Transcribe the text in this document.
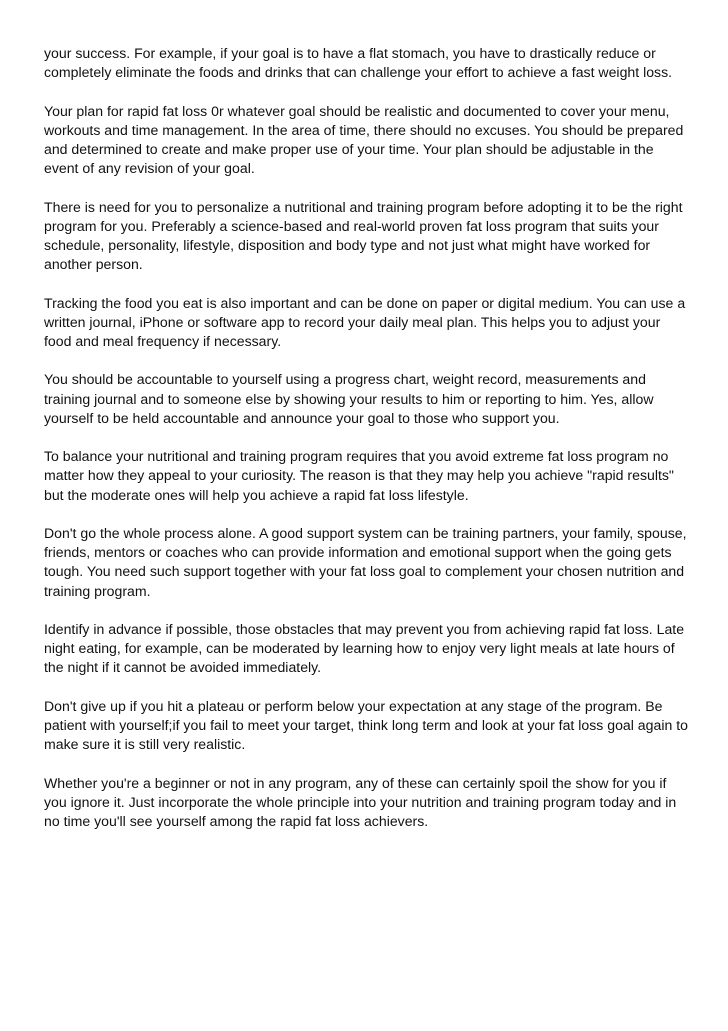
your success. For example, if your goal is to have a flat stomach, you have to drastically reduce or completely eliminate the foods and drinks that can challenge your effort to achieve a fast weight loss.

Your plan for rapid fat loss 0r whatever goal should be realistic and documented to cover your menu, workouts and time management. In the area of time, there should no excuses. You should be prepared and determined to create and make proper use of your time. Your plan should be adjustable in the event of any revision of your goal.

There is need for you to personalize a nutritional and training program before adopting it to be the right program for you. Preferably a science-based and real-world proven fat loss program that suits your schedule, personality, lifestyle, disposition and body type and not just what might have worked for another person.

Tracking the food you eat is also important and can be done on paper or digital medium. You can use a written journal, iPhone or software app to record your daily meal plan. This helps you to adjust your food and meal frequency if necessary.

You should be accountable to yourself using a progress chart, weight record, measurements and training journal and to someone else by showing your results to him or reporting to him. Yes, allow yourself to be held accountable and announce your goal to those who support you.

To balance your nutritional and training program requires that you avoid extreme fat loss program no matter how they appeal to your curiosity. The reason is that they may help you achieve "rapid results" but the moderate ones will help you achieve a rapid fat loss lifestyle.

Don't go the whole process alone. A good support system can be training partners, your family, spouse, friends, mentors or coaches who can provide information and emotional support when the going gets tough. You need such support together with your fat loss goal to complement your chosen nutrition and training program.

Identify in advance if possible, those obstacles that may prevent you from achieving rapid fat loss. Late night eating, for example, can be moderated by learning how to enjoy very light meals at late hours of the night if it cannot be avoided immediately.

Don't give up if you hit a plateau or perform below your expectation at any stage of the program. Be patient with yourself;if you fail to meet your target, think long term and look at your fat loss goal again to make sure it is still very realistic.

Whether you're a beginner or not in any program, any of these can certainly spoil the show for you if you ignore it. Just incorporate the whole principle into your nutrition and training program today and in no time you'll see yourself among the rapid fat loss achievers.
